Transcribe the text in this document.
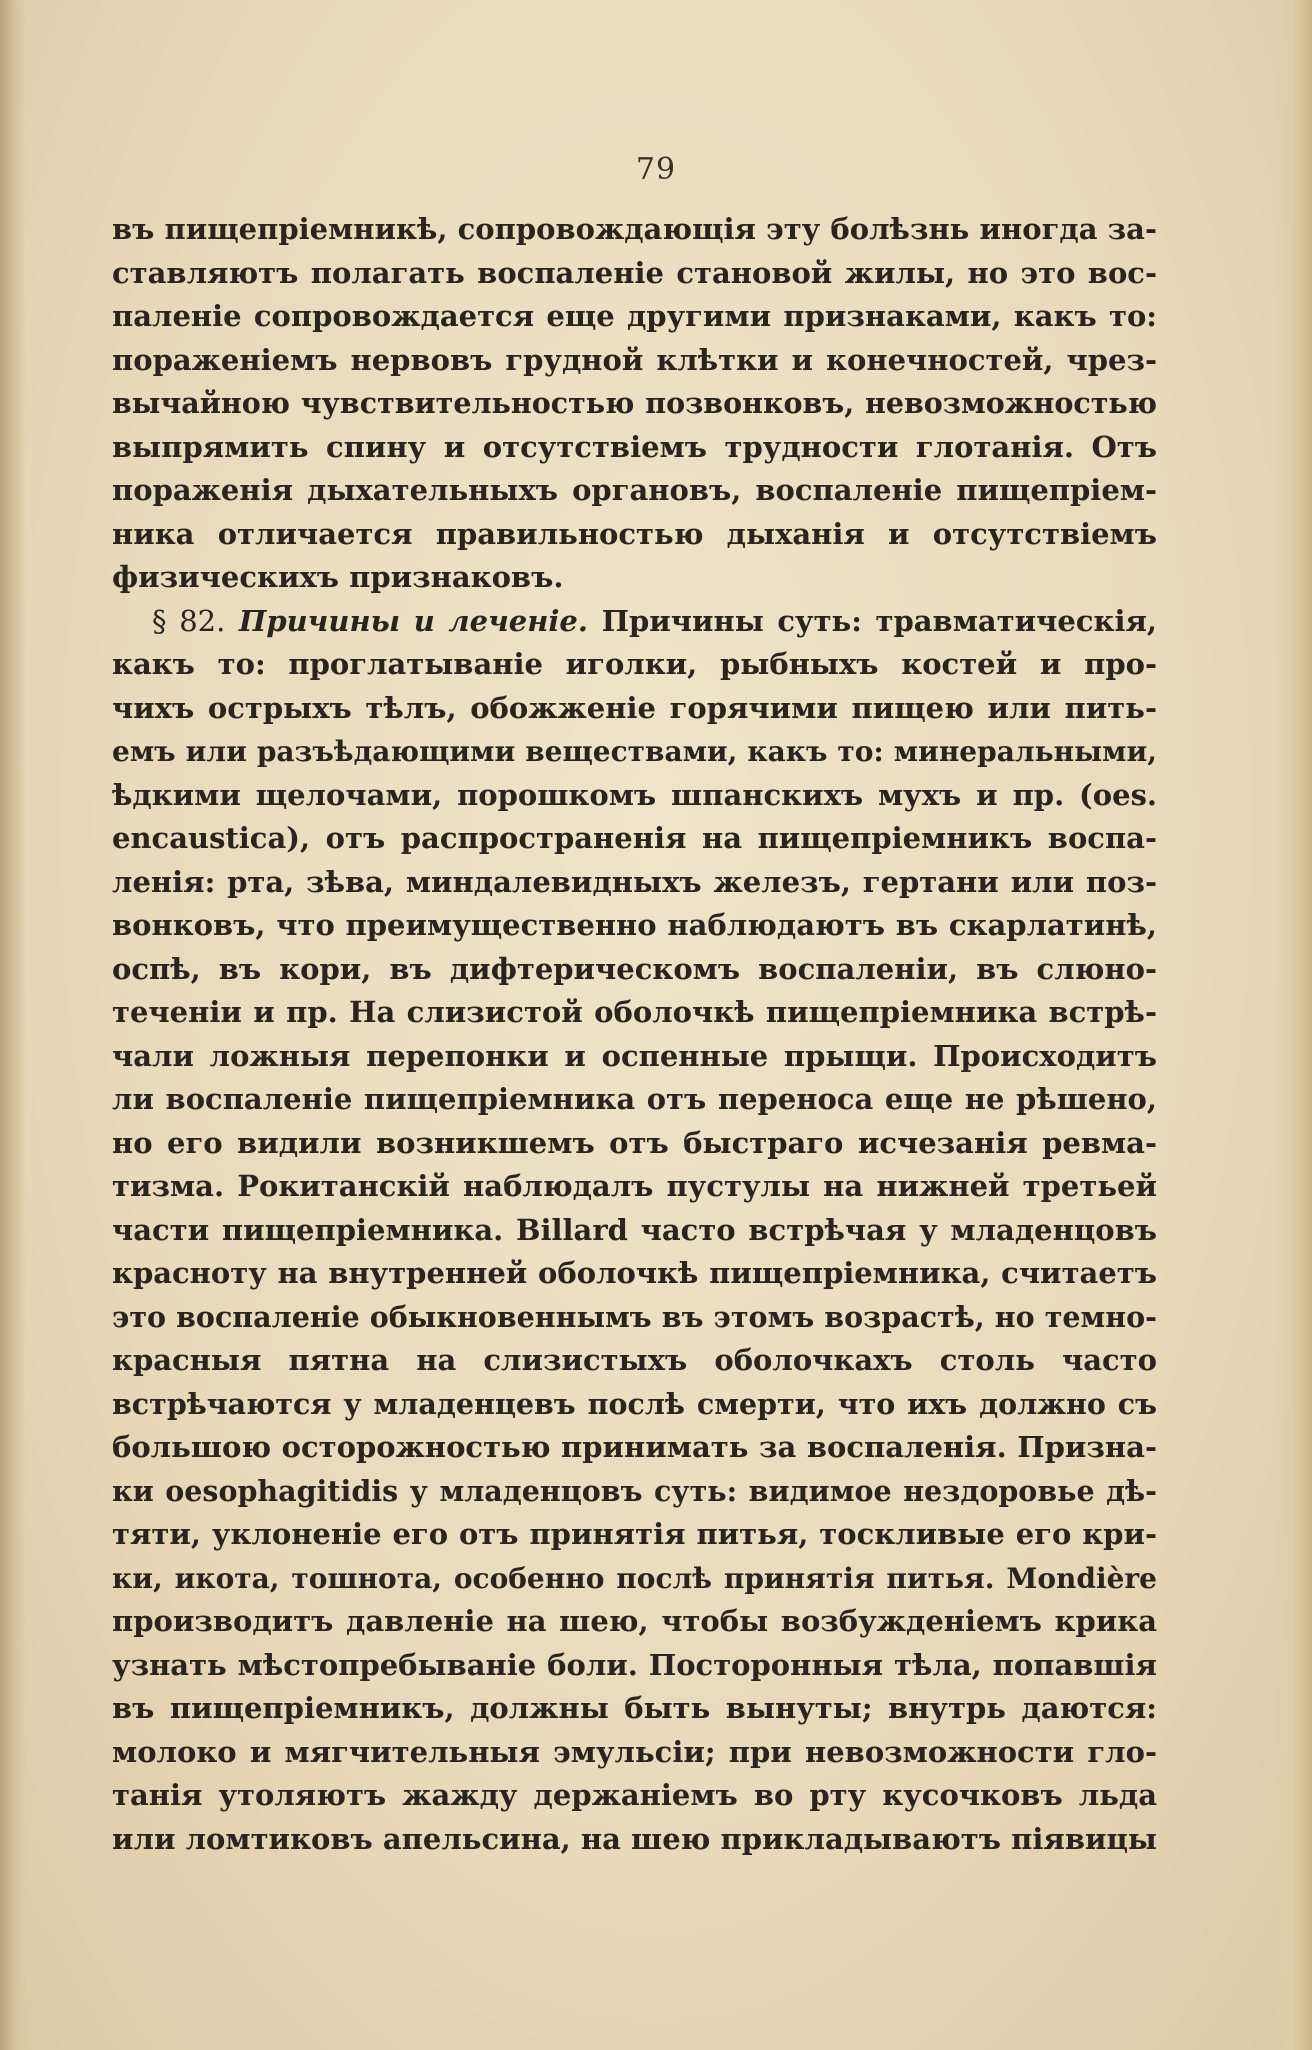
79
въ пищепріемникѣ, сопровождающія эту болѣзнь иногда за-
ставляютъ полагать воспаленіе становой жилы, но это вос-
паленіе сопровождается еще другими признаками, какъ то:
пораженіемъ нервовъ грудной клѣтки и конечностей, чрез-
вычайною чувствительностью позвонковъ, невозможностью
выпрямить спину и отсутствіемъ трудности глотанія. Отъ
пораженія дыхательныхъ органовъ, воспаленіе пищепріем-
ника отличается правильностью дыханія и отсутствіемъ
физическихъ признаковъ.
§ 82. Причины и леченіе. Причины суть: травматическія,
какъ то: проглатываніе иголки, рыбныхъ костей и про-
чихъ острыхъ тѣлъ, обожженіе горячими пищею или пить-
емъ или разъѣдающими веществами, какъ то: минеральными,
ѣдкими щелочами, порошкомъ шпанскихъ мухъ и пр. (oes.
encaustica), отъ распространенія на пищепріемникъ воспа-
ленія: рта, зѣва, миндалевидныхъ железъ, гертани или поз-
вонковъ, что преимущественно наблюдаютъ въ скарлатинѣ,
оспѣ, въ кори, въ дифтерическомъ воспаленіи, въ слюно-
теченіи и пр. На слизистой оболочкѣ пищепріемника встрѣ-
чали ложныя перепонки и оспенные прыщи. Происходитъ
ли воспаленіе пищепріемника отъ переноса еще не рѣшено,
но его видили возникшемъ отъ быстраго исчезанія ревма-
тизма. Рокитанскій наблюдалъ пустулы на нижней третьей
части пищепріемника. Billard часто встрѣчая у младенцовъ
красноту на внутренней оболочкѣ пищепріемника, считаетъ
это воспаленіе обыкновеннымъ въ этомъ возрастѣ, но темно-
красныя пятна на слизистыхъ оболочкахъ столь часто
встрѣчаются у младенцевъ послѣ смерти, что ихъ должно съ
большою осторожностью принимать за воспаленія. Призна-
ки oesophagitidis у младенцовъ суть: видимое нездоровье дѣ-
тяти, уклоненіе его отъ принятія питья, тоскливые его кри-
ки, икота, тошнота, особенно послѣ принятія питья. Mondière
производитъ давленіе на шею, чтобы возбужденіемъ крика
узнать мѣстопребываніе боли. Посторонныя тѣла, попавшія
въ пищепріемникъ, должны быть вынуты; внутрь даются:
молоко и мягчительныя эмульсіи; при невозможности гло-
танія утоляютъ жажду держаніемъ во рту кусочковъ льда
или ломтиковъ апельсина, на шею прикладываютъ піявицы
